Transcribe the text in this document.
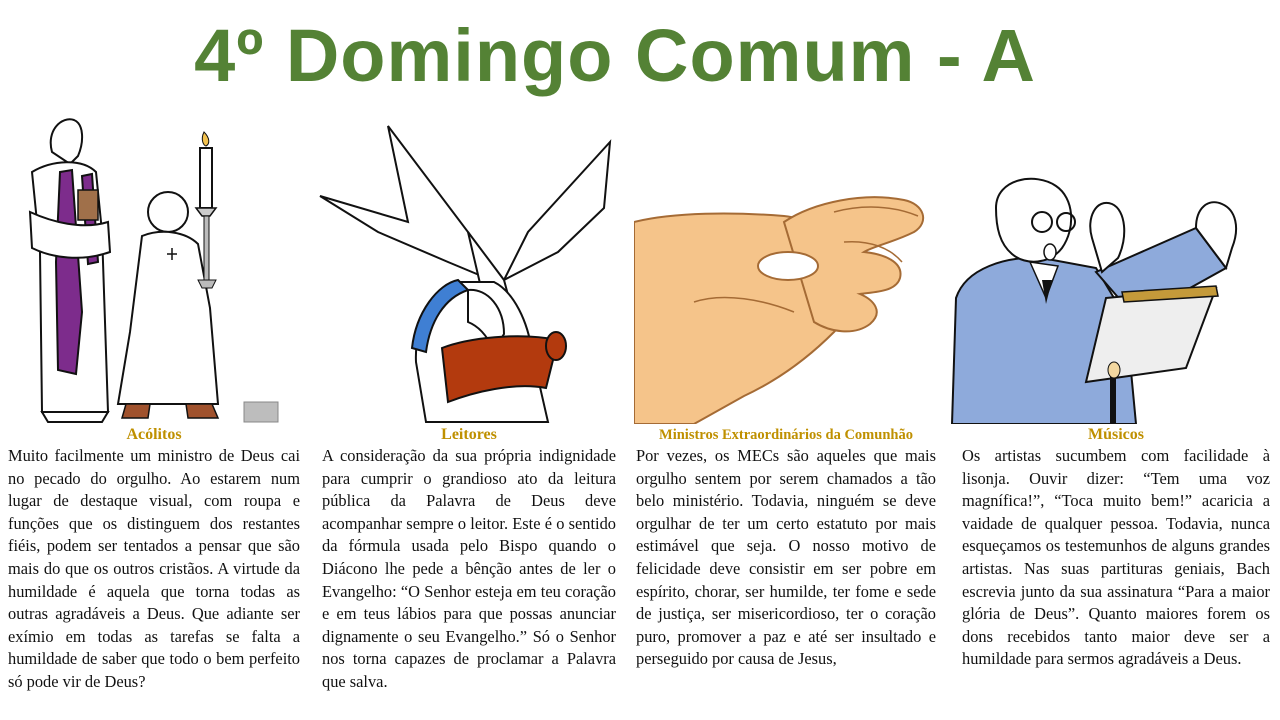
4º Domingo Comum - A
Acólitos

Muito facilmente um ministro de Deus cai no pecado do orgulho. Ao estarem num lugar de destaque visual, com roupa e funções que os distinguem dos restantes fiéis, podem ser tentados a pensar que são mais do que os outros cristãos. A virtude da humildade é aquela que torna todas as outras agradáveis a Deus. Que adiante ser exímio em todas as tarefas se falta a humildade de saber que todo o bem perfeito só pode vir de Deus?

Leitores

A consideração da sua própria indignidade para cumprir o grandioso ato da leitura pública da Palavra de Deus deve acompanhar sempre o leitor. Este é o sentido da fórmula usada pelo Bispo quando o Diácono lhe pede a bênção antes de ler o Evangelho: “O Senhor esteja em teu coração e em teus lábios para que possas anunciar dignamente o seu Evangelho.” Só o Senhor nos torna capazes de proclamar a Palavra que salva.

Ministros Extraordinários da Comunhão

Por vezes, os MECs são aqueles que mais orgulho sentem por serem chamados a tão belo ministério. Todavia, ninguém se deve orgulhar de ter um certo estatuto por mais estimável que seja. O nosso motivo de felicidade deve consistir em ser pobre em espírito, chorar, ser humilde, ter fome e sede de justiça, ser misericordioso, ter o coração puro, promover a paz e até ser insultado e perseguido por causa de Jesus,

Músicos

Os artistas sucumbem com facilidade à lisonja. Ouvir dizer: “Tem uma voz magnífica!”, “Toca muito bem!” acaricia a vaidade de qualquer pessoa. Todavia, nunca esqueçamos os testemunhos de alguns grandes artistas. Nas suas partituras geniais, Bach escrevia junto da sua assinatura “Para a maior glória de Deus”. Quanto maiores forem os dons recebidos tanto maior deve ser a humildade para sermos agradáveis a Deus.
